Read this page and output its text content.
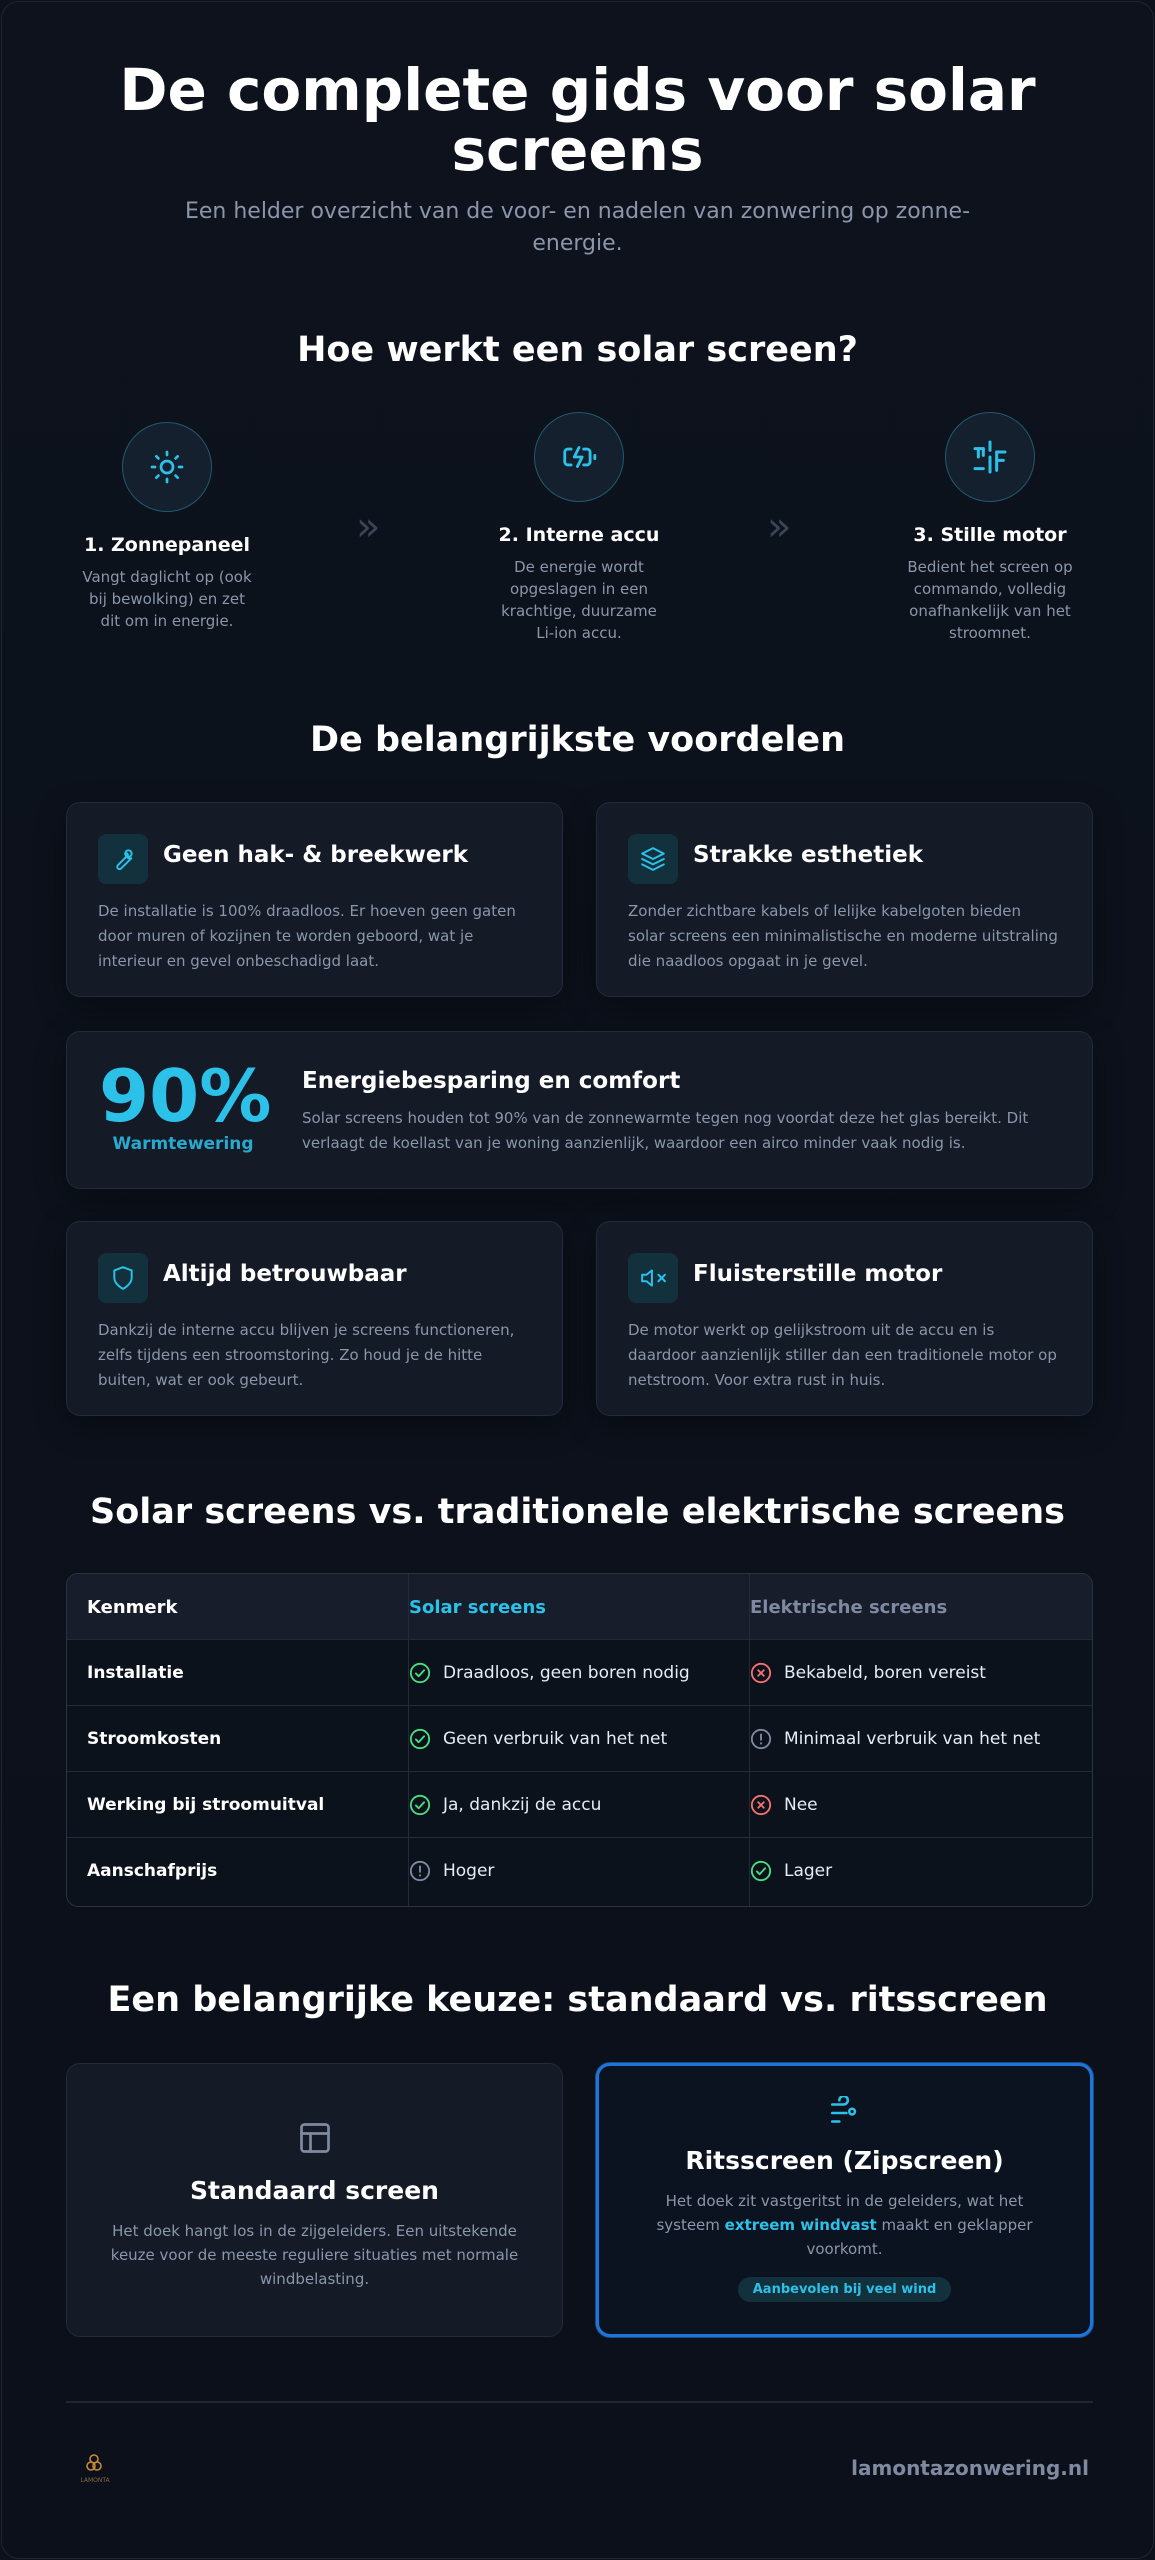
De complete gids voor solar screens

Een helder overzicht van de voor- en nadelen van zonwering op zonne-energie.

Hoe werkt een solar screen?
1. Zonnepaneel
Vangt daglicht op (ook bij bewolking) en zet dit om in energie.
»	2. Interne accu
De energie wordt opgeslagen in een krachtige, duurzame Li-ion accu.
»	3. Stille motor
Bedient het screen op commando, volledig onafhankelijk van het stroomnet.
De belangrijkste voordelen
Geen hak- & breekwerk
De installatie is 100% draadloos. Er hoeven geen gaten door muren of kozijnen te worden geboord, wat je interieur en gevel onbeschadigd laat.
Strakke esthetiek
Zonder zichtbare kabels of lelijke kabelgoten bieden solar screens een minimalistische en moderne uitstraling die naadloos opgaat in je gevel.
90%
Warmtewering
Energiebesparing en comfort
Solar screens houden tot 90% van de zonnewarmte tegen nog voordat deze het glas bereikt. Dit verlaagt de koellast van je woning aanzienlijk, waardoor een airco minder vaak nodig is.
Altijd betrouwbaar
Dankzij de interne accu blijven je screens functioneren, zelfs tijdens een stroomstoring. Zo houd je de hitte buiten, wat er ook gebeurt.
Fluisterstille motor
De motor werkt op gelijkstroom uit de accu en is daardoor aanzienlijk stiller dan een traditionele motor op netstroom. Voor extra rust in huis.
Solar screens vs. traditionele elektrische screens
Kenmerk	Solar screens	Elektrische screens
Installatie	Draadloos, geen boren nodig	Bekabeld, boren vereist
Stroomkosten	Geen verbruik van het net	Minimaal verbruik van het net
Werking bij stroomuitval	Ja, dankzij de accu	Nee
Aanschafprijs	Hoger	Lager
Een belangrijke keuze: standaard vs. ritsscreen
Standaard screen
Het doek hangt los in de zijgeleiders. Een uitstekende keuze voor de meeste reguliere situaties met normale windbelasting.
Ritsscreen (Zipscreen)
Het doek zit vastgeritst in de geleiders, wat het systeem extreem windvast maakt en geklapper voorkomt.
Aanbevolen bij veel wind
LAMONTA
lamontazonwering.nl
